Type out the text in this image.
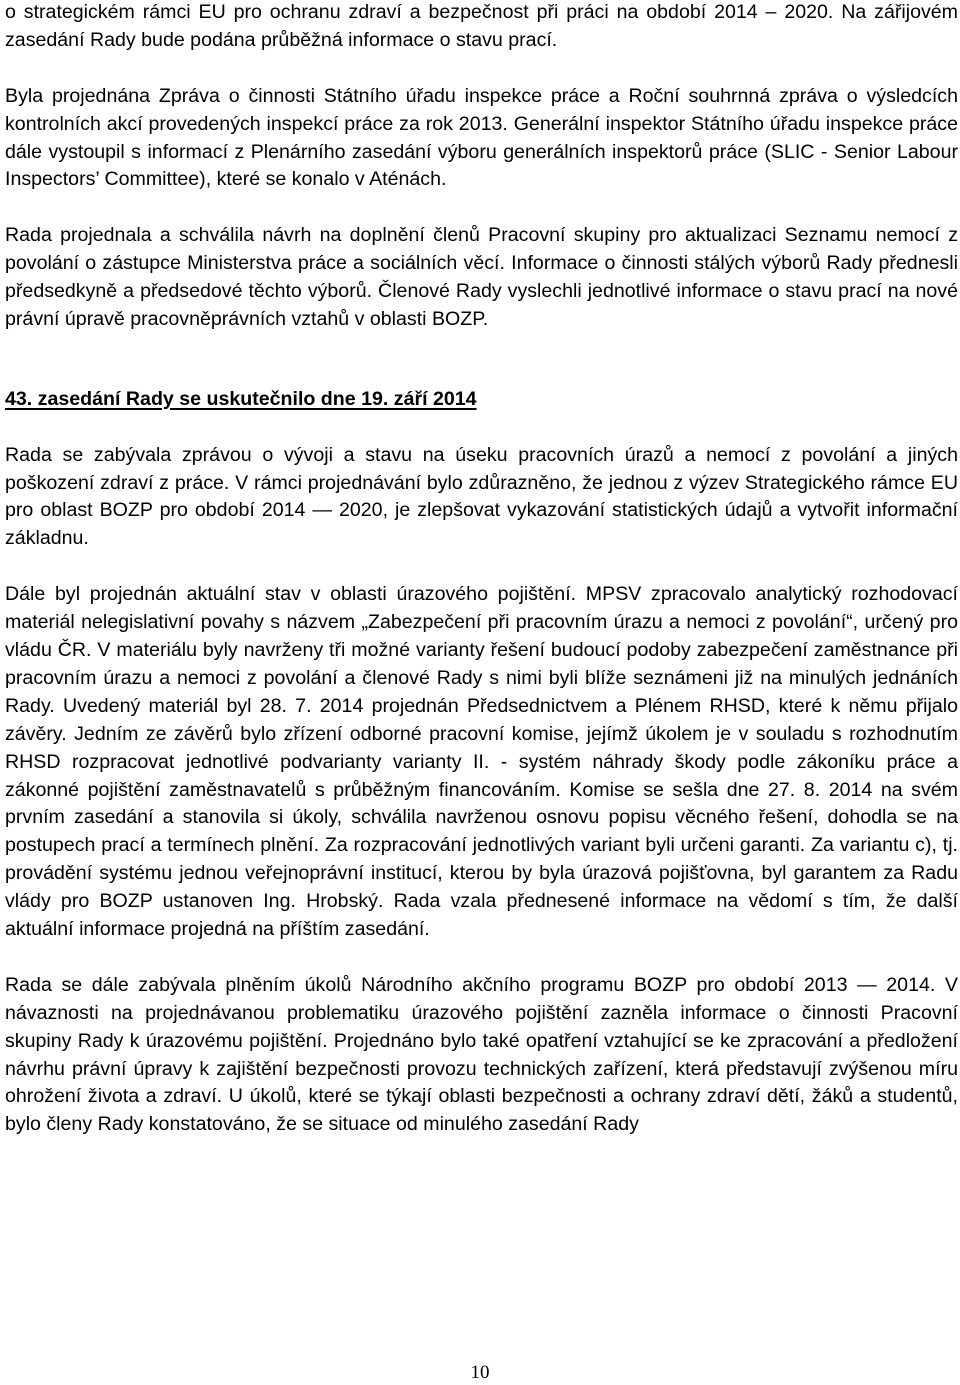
o strategickém rámci EU pro ochranu zdraví a bezpečnost při práci na období 2014 – 2020. Na zářijovém zasedání Rady bude podána průběžná informace o stavu prací.

Byla projednána Zpráva o činnosti Státního úřadu inspekce práce a Roční souhrnná zpráva o výsledcích kontrolních akcí provedených inspekcí práce za rok 2013. Generální inspektor Státního úřadu inspekce práce dále vystoupil s informací z Plenárního zasedání výboru generálních inspektorů práce (SLIC - Senior Labour Inspectors’ Committee), které se konalo v Aténách.

Rada projednala a schválila návrh na doplnění členů Pracovní skupiny pro aktualizaci Seznamu nemocí z povolání o zástupce Ministerstva práce a sociálních věcí. Informace o činnosti stálých výborů Rady přednesli předsedkyně a předsedové těchto výborů. Členové Rady vyslechli jednotlivé informace o stavu prací na nové právní úpravě pracovněprávních vztahů v oblasti BOZP.

43. zasedání Rady se uskutečnilo dne 19. září 2014

Rada se zabývala zprávou o vývoji a stavu na úseku pracovních úrazů a nemocí z povolání a jiných poškození zdraví z práce. V rámci projednávání bylo zdůrazněno, že jednou z výzev Strategického rámce EU pro oblast BOZP pro období 2014 — 2020, je zlepšovat vykazování statistických údajů a vytvořit informační základnu.

Dále byl projednán aktuální stav v oblasti úrazového pojištění. MPSV zpracovalo analytický rozhodovací materiál nelegislativní povahy s názvem „Zabezpečení při pracovním úrazu a nemoci z povolání“, určený pro vládu ČR. V materiálu byly navrženy tři možné varianty řešení budoucí podoby zabezpečení zaměstnance při pracovním úrazu a nemoci z povolání a členové Rady s nimi byli blíže seznámeni již na minulých jednáních Rady. Uvedený materiál byl 28. 7. 2014 projednán Předsednictvem a Plénem RHSD, které k němu přijalo závěry. Jedním ze závěrů bylo zřízení odborné pracovní komise, jejímž úkolem je v souladu s rozhodnutím RHSD rozpracovat jednotlivé podvarianty varianty II. - systém náhrady škody podle zákoníku práce a zákonné pojištění zaměstnavatelů s průběžným financováním. Komise se sešla dne 27. 8. 2014 na svém prvním zasedání a stanovila si úkoly, schválila navrženou osnovu popisu věcného řešení, dohodla se na postupech prací a termínech plnění. Za rozpracování jednotlivých variant byli určeni garanti. Za variantu c), tj. provádění systému jednou veřejnoprávní institucí, kterou by byla úrazová pojišťovna, byl garantem za Radu vlády pro BOZP ustanoven Ing. Hrobský. Rada vzala přednesené informace na vědomí s tím, že další aktuální informace projedná na příštím zasedání.

Rada se dále zabývala plněním úkolů Národního akčního programu BOZP pro období 2013 — 2014. V návaznosti na projednávanou problematiku úrazového pojištění zazněla informace o činnosti Pracovní skupiny Rady k úrazovému pojištění. Projednáno bylo také opatření vztahující se ke zpracování a předložení návrhu právní úpravy k zajištění bezpečnosti provozu technických zařízení, která představují zvýšenou míru ohrožení života a zdraví. U úkolů, které se týkají oblasti bezpečnosti a ochrany zdraví dětí, žáků a studentů, bylo členy Rady konstatováno, že se situace od minulého zasedání Rady

10
